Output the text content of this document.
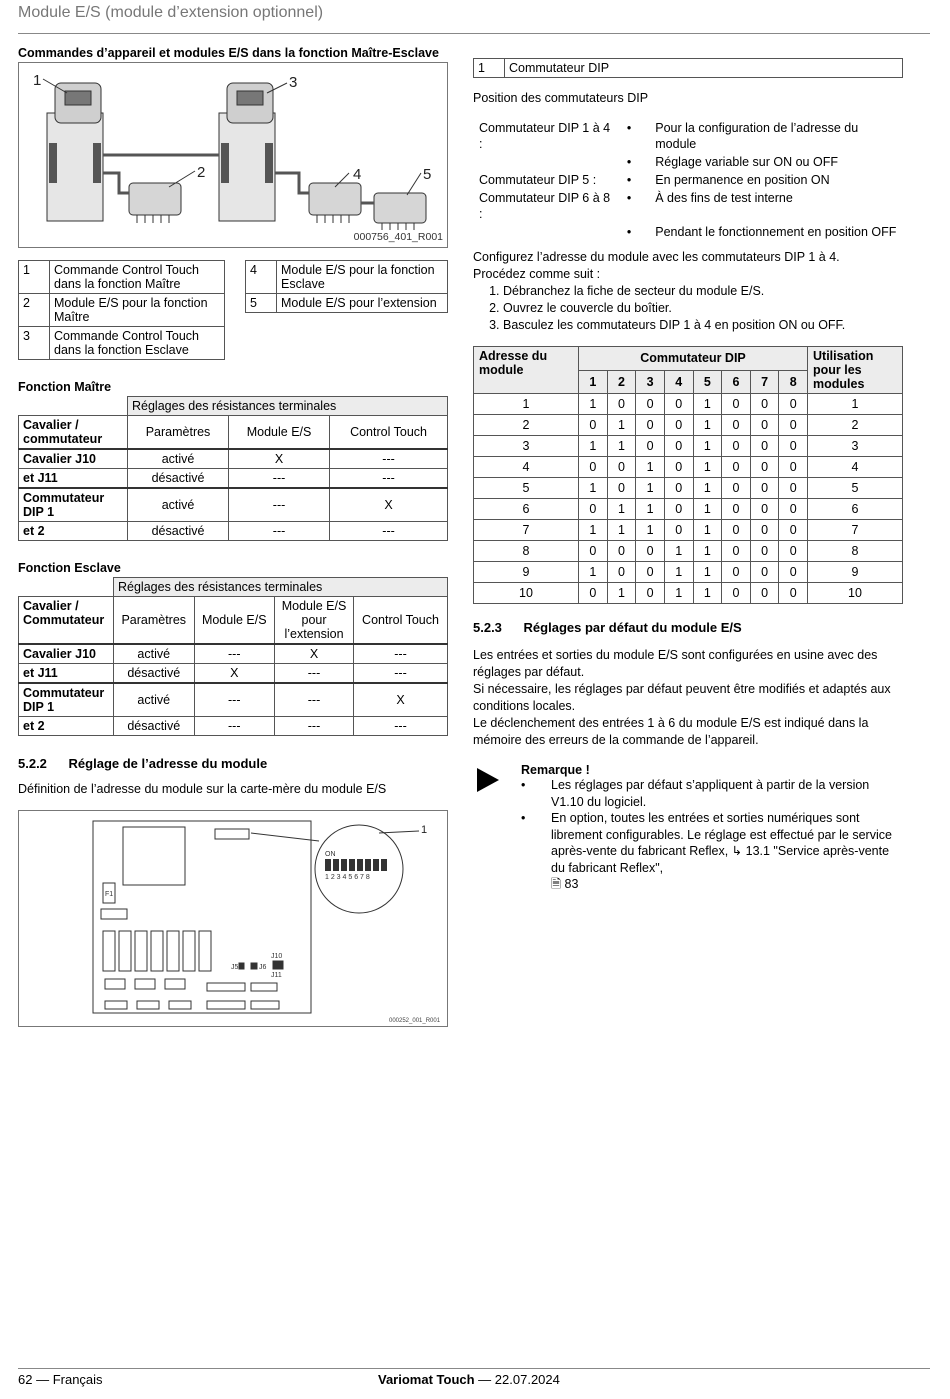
Module E/S (module d’extension optionnel)
Commandes d’appareil et modules E/S dans la fonction Maître-Esclave
1	3
2	4	5
000756_401_R001
1	Commande Control Touch dans la fonction Maître
2	Module E/S pour la fonction Maître
3	Commande Control Touch dans la fonction Esclave
4	Module E/S pour la fonction Esclave
5	Module E/S pour l’extension
Fonction Maître
	Réglages des résistances terminales		
Cavalier / commutateur	Paramètres	Module E/S	Control Touch
Cavalier J10	activé	X	---
et J11	désactivé	---	---
Commutateur DIP 1	activé	---	X
et 2	désactivé	---	---
Fonction Esclave
	Réglages des résistances terminales			
Cavalier / Commutateur	Paramètres	Module E/S	Module E/S pour l’extension	Control Touch
Cavalier J10	activé	---	X	---
et J11	désactivé	X	---	---
Commutateur DIP 1	activé	---	---	X
et 2	désactivé	---	---	---
5.2.2 Réglage de l’adresse du module

Définition de l’adresse du module sur la carte-mère du module E/S

F1
ON
J10
J11
J5	J6
1 2 3 4 5 6 7 8
1
000252_001_R001
1	Commutateur DIP

Position des commutateurs DIP

Commutateur DIP 1 à 4 :	•	Pour la configuration de l’adresse du module
	•	Réglage variable sur ON ou OFF
Commutateur DIP 5 :	•	En permanence en position ON
Commutateur DIP 6 à 8 :	•	À des fins de test interne
	•	Pendant le fonctionnement en position OFF

Configurez l’adresse du module avec les commutateurs DIP 1 à 4.

Procédez comme suit :

1. Débranchez la fiche de secteur du module E/S.
2. Ouvrez le couvercle du boîtier.
3. Basculez les commutateurs DIP 1 à 4 en position ON ou OFF.
Adresse du module	Commutateur DIP								Utilisation pour les modules
	1	2	3	4	5	6	7	8	
1	1	0	0	0	1	0	0	0	1
2	0	1	0	0	1	0	0	0	2
3	1	1	0	0	1	0	0	0	3
4	0	0	1	0	1	0	0	0	4
5	1	0	1	0	1	0	0	0	5
6	0	1	1	0	1	0	0	0	6
7	1	1	1	0	1	0	0	0	7
8	0	0	0	1	1	0	0	0	8
9	1	0	0	1	1	0	0	0	9
10	0	1	0	1	1	0	0	0	10
5.2.3 Réglages par défaut du module E/S

Les entrées et sorties du module E/S sont configurées en usine avec des réglages par défaut.

Si nécessaire, les réglages par défaut peuvent être modifiés et adaptés aux conditions locales.

Le déclenchement des entrées 1 à 6 du module E/S est indiqué dans la mémoire des erreurs de la commande de l’appareil.

Remarque !
• Les réglages par défaut s’appliquent à partir de la version V1.10 du logiciel.
• En option, toutes les entrées et sorties numériques sont librement configurables. Le réglage est effectué par le service après-vente du fabricant Reflex, ↳ 13.1 "Service après-vente du fabricant Reflex",
🗎 83
62 — Français	Variomat Touch — 22.07.2024
